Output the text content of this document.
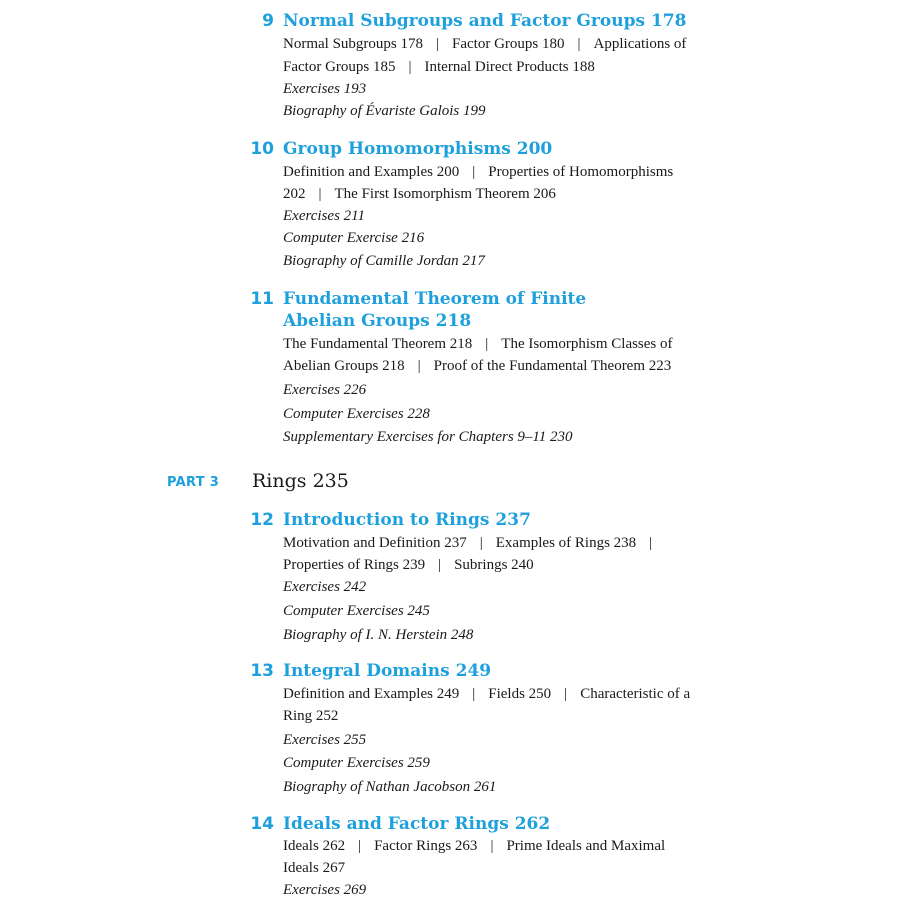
9 Normal Subgroups and Factor Groups 178
Normal Subgroups 178 | Factor Groups 180 | Applications of
Factor Groups 185 | Internal Direct Products 188
Exercises 193
Biography of Évariste Galois 199
10 Group Homomorphisms 200
Definition and Examples 200 | Properties of Homomorphisms
202 | The First Isomorphism Theorem 206
Exercises 211
Computer Exercise 216
Biography of Camille Jordan 217
11 Fundamental Theorem of Finite
Abelian Groups 218
The Fundamental Theorem 218 | The Isomorphism Classes of
Abelian Groups 218 | Proof of the Fundamental Theorem 223
Exercises 226
Computer Exercises 228
Supplementary Exercises for Chapters 9–11 230
PART 3 Rings 235
12 Introduction to Rings 237
Motivation and Definition 237 | Examples of Rings 238 |
Properties of Rings 239 | Subrings 240
Exercises 242
Computer Exercises 245
Biography of I. N. Herstein 248
13 Integral Domains 249
Definition and Examples 249 | Fields 250 | Characteristic of a
Ring 252
Exercises 255
Computer Exercises 259
Biography of Nathan Jacobson 261
14 Ideals and Factor Rings 262
Ideals 262 | Factor Rings 263 | Prime Ideals and Maximal
Ideals 267
Exercises 269
